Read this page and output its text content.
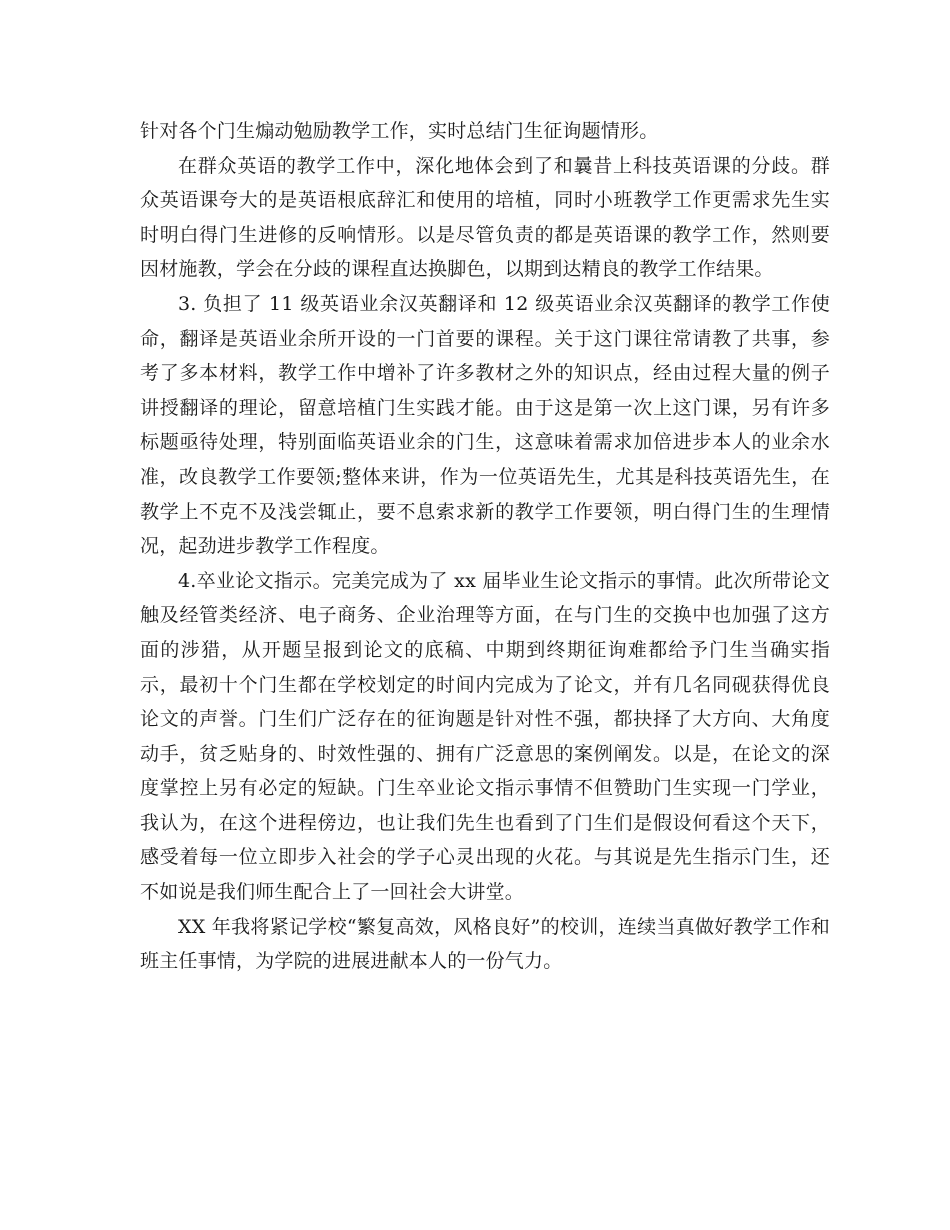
针对各个门生煽动勉励教学工作，实时总结门生征询题情形。

在群众英语的教学工作中，深化地体会到了和曩昔上科技英语课的分歧。群众英语课夸大的是英语根底辞汇和使用的培植，同时小班教学工作更需求先生实时明白得门生进修的反响情形。以是尽管负责的都是英语课的教学工作，然则要因材施教，学会在分歧的课程直达换脚色，以期到达精良的教学工作结果。

3. 负担了 11 级英语业余汉英翻译和 12 级英语业余汉英翻译的教学工作使命，翻译是英语业余所开设的一门首要的课程。关于这门课往常请教了共事，参考了多本材料，教学工作中增补了许多教材之外的知识点，经由过程大量的例子讲授翻译的理论，留意培植门生实践才能。由于这是第一次上这门课，另有许多标题亟待处理，特别面临英语业余的门生，这意味着需求加倍进步本人的业余水准，改良教学工作要领;整体来讲，作为一位英语先生，尤其是科技英语先生，在教学上不克不及浅尝辄止，要不息索求新的教学工作要领，明白得门生的生理情况，起劲进步教学工作程度。

4.卒业论文指示。完美完成为了 xx 届毕业生论文指示的事情。此次所带论文触及经管类经济、电子商务、企业治理等方面，在与门生的交换中也加强了这方面的涉猎，从开题呈报到论文的底稿、中期到终期征询难都给予门生当确实指示，最初十个门生都在学校划定的时间内完成为了论文，并有几名同砚获得优良论文的声誉。门生们广泛存在的征询题是针对性不强，都抉择了大方向、大角度动手，贫乏贴身的、时效性强的、拥有广泛意思的案例阐发。以是，在论文的深度掌控上另有必定的短缺。门生卒业论文指示事情不但赞助门生实现一门学业，我认为，在这个进程傍边，也让我们先生也看到了门生们是假设何看这个天下，感受着每一位立即步入社会的学子心灵出现的火花。与其说是先生指示门生，还不如说是我们师生配合上了一回社会大讲堂。

XX 年我将紧记学校“繁复高效，风格良好”的校训，连续当真做好教学工作和班主任事情，为学院的进展进献本人的一份气力。
